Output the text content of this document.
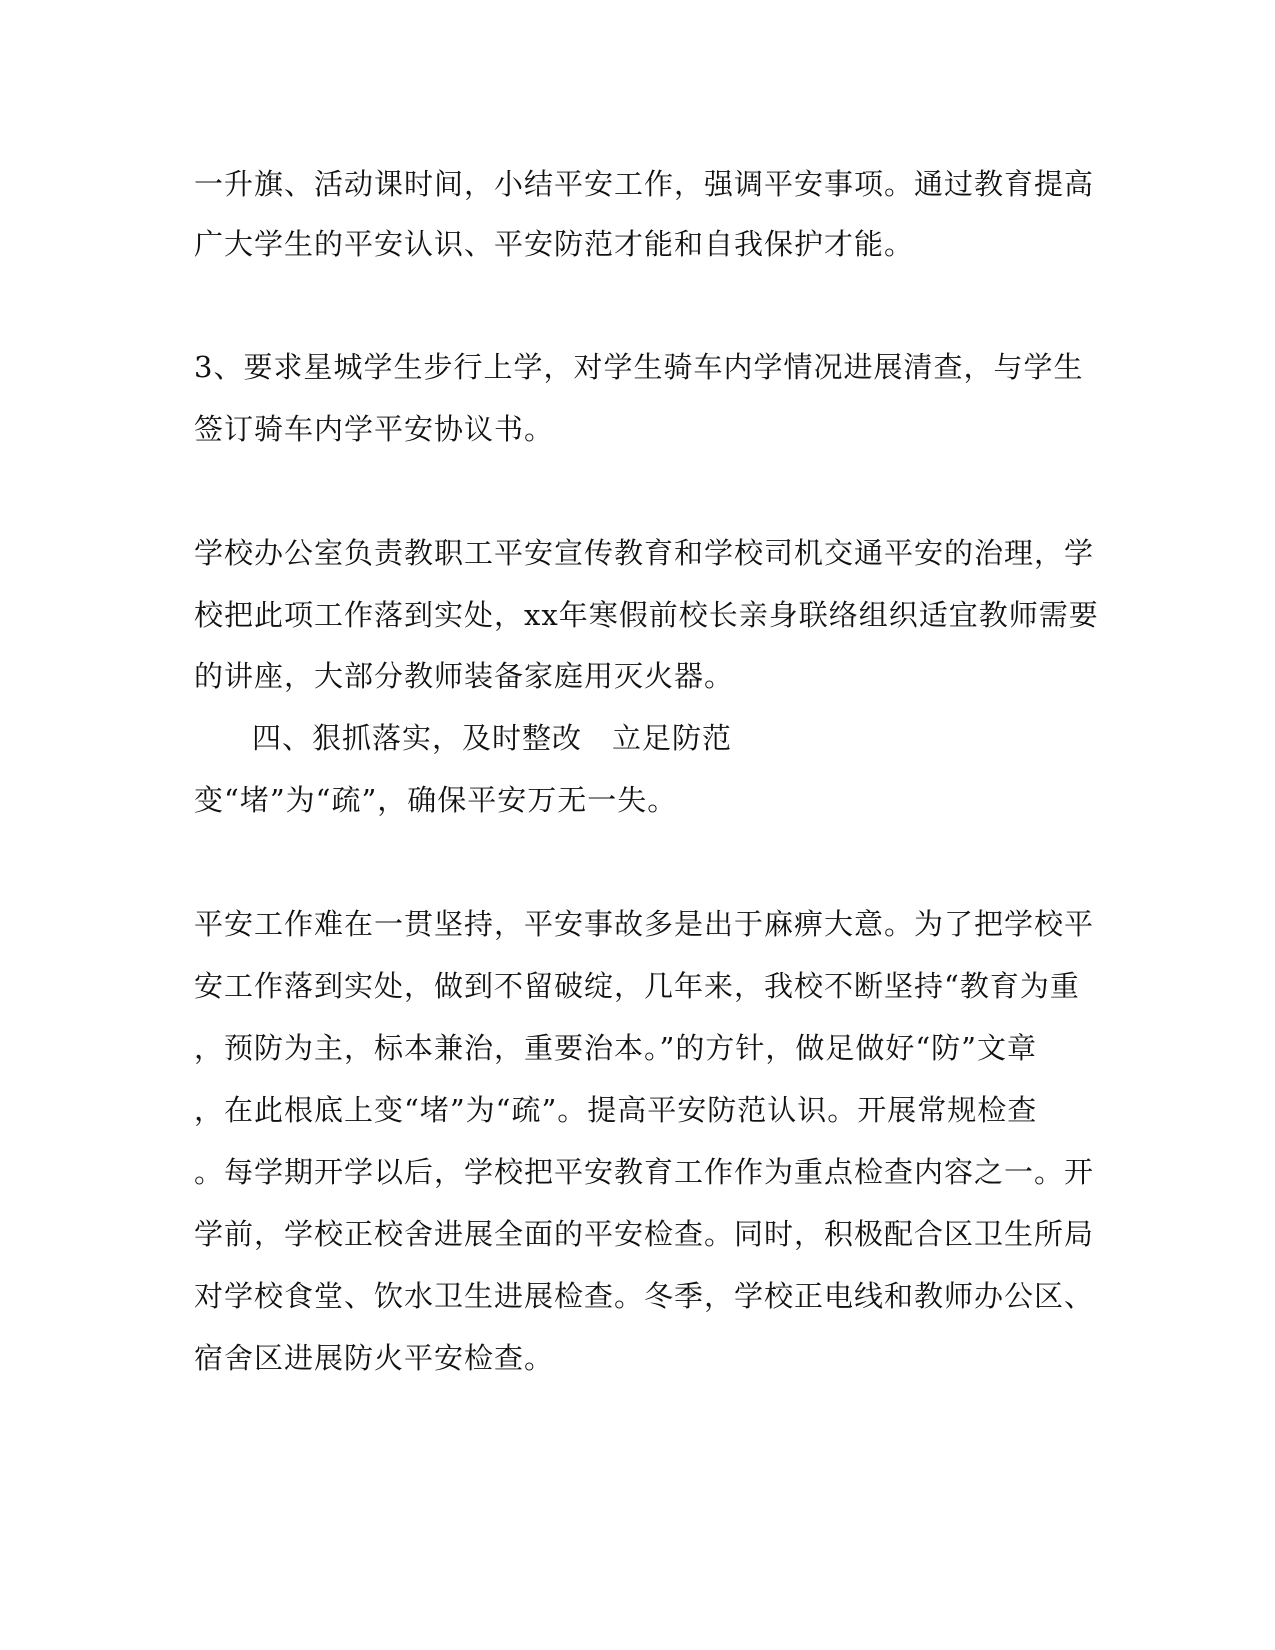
一升旗、活动课时间，小结平安工作，强调平安事项。通过教育提高
广大学生的平安认识、平安防范才能和自我保护才能。
3、要求星城学生步行上学，对学生骑车内学情况进展清查，与学生
签订骑车内学平安协议书。
学校办公室负责教职工平安宣传教育和学校司机交通平安的治理，学
校把此项工作落到实处，xx年寒假前校长亲身联络组织适宜教师需要
的讲座，大部分教师装备家庭用灭火器。
四、狠抓落实，及时整改　立足防范
变“堵”为“疏”，确保平安万无一失。
平安工作难在一贯坚持，平安事故多是出于麻痹大意。为了把学校平
安工作落到实处，做到不留破绽，几年来，我校不断坚持“教育为重
，预防为主，标本兼治，重要治本。”的方针，做足做好“防”文章
，在此根底上变“堵”为“疏”。提高平安防范认识。开展常规检查
。每学期开学以后，学校把平安教育工作作为重点检查内容之一。开
学前，学校正校舍进展全面的平安检查。同时，积极配合区卫生所局
对学校食堂、饮水卫生进展检查。冬季，学校正电线和教师办公区、
宿舍区进展防火平安检查。
